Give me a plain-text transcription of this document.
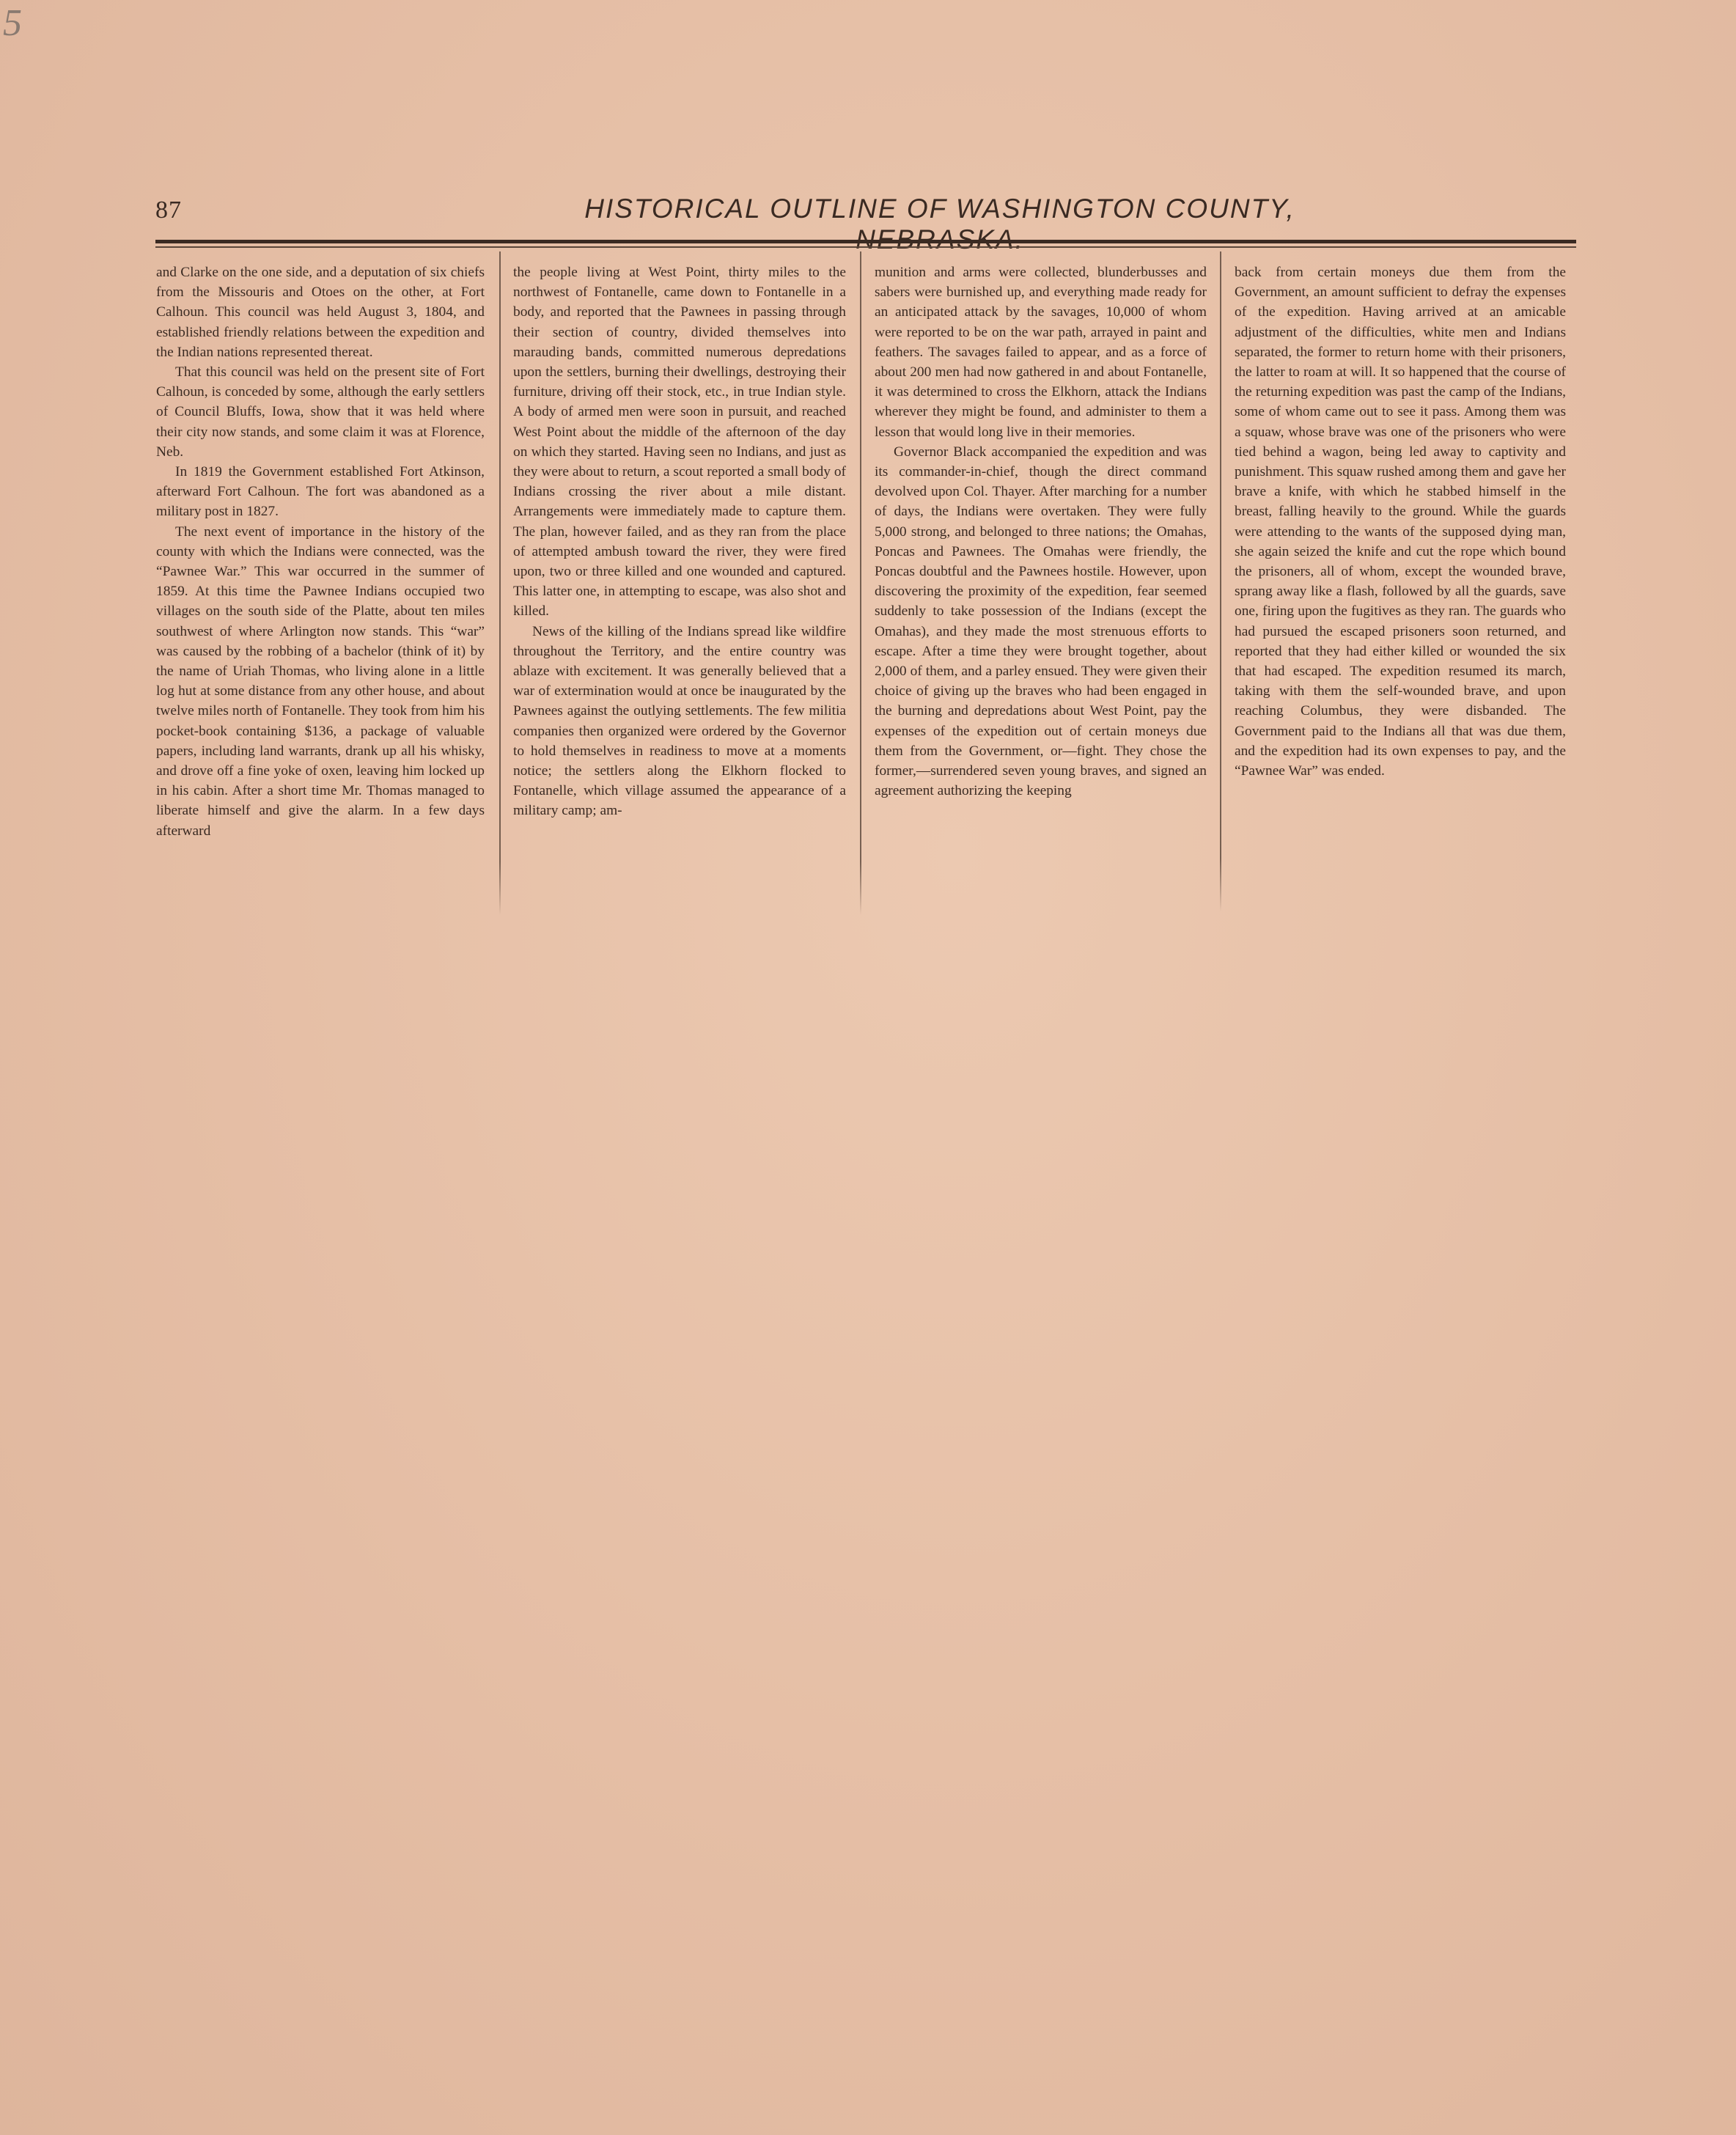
5
87	HISTORICAL OUTLINE OF WASHINGTON COUNTY,

and Clarke on the one side, and a deputation of six chiefs from the Missouris and Otoes on the other, at Fort Calhoun. This council was held August 3, 1804, and established friendly relations between the expedition and the Indian nations represented thereat.

That this council was held on the present site of Fort Calhoun, is conceded by some, although the early settlers of Council Bluffs, Iowa, show that it was held where their city now stands, and some claim it was at Florence, Neb.

In 1819 the Government established Fort Atkinson, afterward Fort Calhoun. The fort was abandoned as a military post in 1827.

The next event of importance in the history of the county with which the Indians were connected, was the “Pawnee War.” This war occurred in the summer of 1859. At this time the Pawnee Indians occupied two villages on the south side of the Platte, about ten miles southwest of where Arlington now stands. This “war” was caused by the robbing of a bachelor (think of it) by the name of Uriah Thomas, who living alone in a little log hut at some distance from any other house, and about twelve miles north of Fontanelle. They took from him his pocket-book containing $136, a package of valuable papers, including land warrants, drank up all his whisky, and drove off a fine yoke of oxen, leaving him locked up in his cabin. After a short time Mr. Thomas managed to liberate himself and give the alarm. In a few days afterward

the people living at West Point, thirty miles to the northwest of Fontanelle, came down to Fontanelle in a body, and reported that the Pawnees in passing through their section of country, divided themselves into marauding bands, committed numerous depredations upon the settlers, burning their dwellings, destroying their furniture, driving off their stock, etc., in true Indian style. A body of armed men were soon in pursuit, and reached West Point about the middle of the afternoon of the day on which they started. Having seen no Indians, and just as they were about to return, a scout reported a small body of Indians crossing the river about a mile distant. Arrangements were immediately made to capture them. The plan, however failed, and as they ran from the place of attempted ambush toward the river, they were fired upon, two or three killed and one wounded and captured. This latter one, in attempting to escape, was also shot and killed.

News of the killing of the Indians spread like wildfire throughout the Territory, and the entire country was ablaze with excitement. It was generally believed that a war of extermination would at once be inaugurated by the Pawnees against the outlying settlements. The few militia companies then organized were ordered by the Governor to hold themselves in readiness to move at a moments notice; the settlers along the Elkhorn flocked to Fontanelle, which village assumed the appearance of a military camp; am-

munition and arms were collected, blunderbusses and sabers were burnished up, and everything made ready for an anticipated attack by the savages, 10,000 of whom were reported to be on the war path, arrayed in paint and feathers. The savages failed to appear, and as a force of about 200 men had now gathered in and about Fontanelle, it was determined to cross the Elkhorn, attack the Indians wherever they might be found, and administer to them a lesson that would long live in their memories.

Governor Black accompanied the expedition and was its commander-in-chief, though the direct command devolved upon Col. Thayer. After marching for a number of days, the Indians were overtaken. They were fully 5,000 strong, and belonged to three nations; the Omahas, Poncas and Pawnees. The Omahas were friendly, the Poncas doubtful and the Pawnees hostile. However, upon discovering the proximity of the expedition, fear seemed suddenly to take possession of the Indians (except the Omahas), and they made the most strenuous efforts to escape. After a time they were brought together, about 2,000 of them, and a parley ensued. They were given their choice of giving up the braves who had been engaged in the burning and depredations about West Point, pay the expenses of the expedition out of certain moneys due them from the Government, or—fight. They chose the former,—surrendered seven young braves, and signed an agreement authorizing the keeping

back from certain moneys due them from the Government, an amount sufficient to defray the expenses of the expedition. Having arrived at an amicable adjustment of the difficulties, white men and Indians separated, the former to return home with their prisoners, the latter to roam at will. It so happened that the course of the returning expedition was past the camp of the Indians, some of whom came out to see it pass. Among them was a squaw, whose brave was one of the prisoners who were tied behind a wagon, being led away to captivity and punishment. This squaw rushed among them and gave her brave a knife, with which he stabbed himself in the breast, falling heavily to the ground. While the guards were attending to the wants of the supposed dying man, she again seized the knife and cut the rope which bound the prisoners, all of whom, except the wounded brave, sprang away like a flash, followed by all the guards, save one, firing upon the fugitives as they ran. The guards who had pursued the escaped prisoners soon returned, and reported that they had either killed or wounded the six that had escaped. The expedition resumed its march, taking with them the self-wounded brave, and upon reaching Columbus, they were disbanded. The Government paid to the Indians all that was due them, and the expedition had its own expenses to pay, and the “Pawnee War” was ended.
